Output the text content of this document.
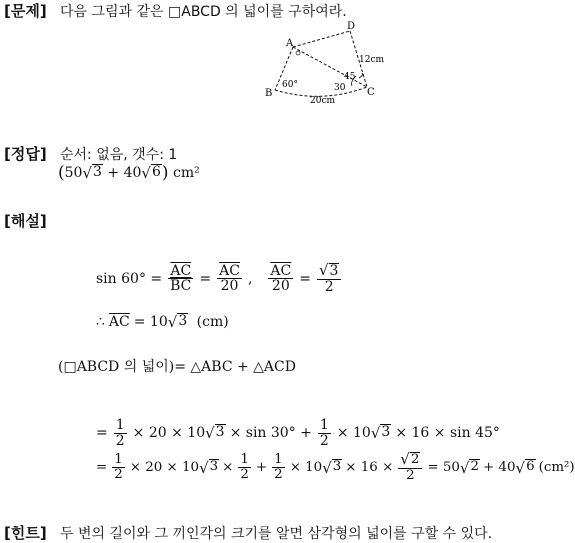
[문제] 다음 그림과 같은 □ABCD 의 넓이를 구하여라.
A
D
B	C
60°	30
45
12cm
20cm
[정답] 순서: 없음, 갯수: 1
( 50 √ 3 + 40 √ 6 ) cm²
[해설]
$\sin 60^\circ = \frac{\overline{AC}}{BC} = \frac{\overline{AC}}{20}$ , $\frac{\overline{AC}}{20} = \frac{√ 3}{2}$
∴ $\overline{AC} = 10$ √ 3 (cm)
(□ABCD 의 넓이)= △ABC + △ACD
= $\frac{1}{2} \times 20 \times 10$ √ $3 \times \sin 30^\circ + \frac{1}{2} \times 10$ √ 3 × 16 × sin 45°
= $\frac{1}{2} \times 20 \times 10$ √ $3 \times \frac{1}{2} + \frac{1}{2} \times 10$ √ $3 \times 16 \times \frac{√ 2}{2} = 50$ √ 2 + 40 √ 6 (cm²)
[힌트] 두 변의 길이와 그 끼인각의 크기를 알면 삼각형의 넓이를 구할 수 있다.
